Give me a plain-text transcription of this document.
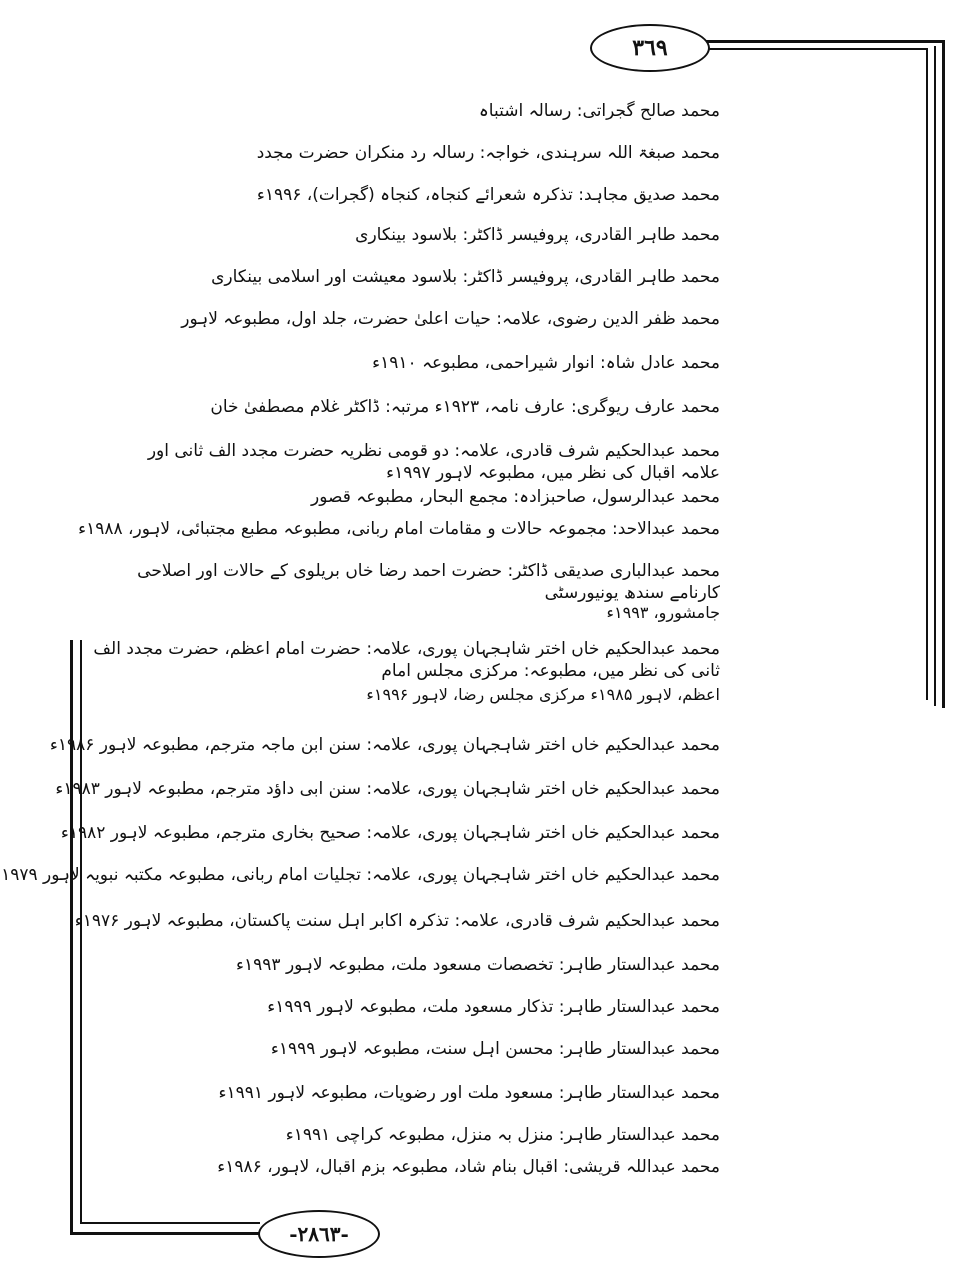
٣٦٩
محمد صالح گجراتی: رسالہ اشتباہ
محمد صبغۃ اللہ سرہندی، خواجہ: رسالہ رد منکران حضرت مجدد
محمد صدیق مجاہد: تذکرہ شعرائے کنجاہ، کنجاہ (گجرات)، ۱۹۹۶ء
محمد طاہر القادری، پروفیسر ڈاکٹر: بلاسود بینکاری
محمد طاہر القادری، پروفیسر ڈاکٹر: بلاسود معیشت اور اسلامی بینکاری
محمد ظفر الدین رضوی، علامہ: حیات اعلیٰ حضرت، جلد اول، مطبوعہ لاہور
محمد عادل شاہ: انوار شیراحمی، مطبوعہ ۱۹۱۰ء
محمد عارف ریوگری: عارف نامہ، ۱۹۲۳ء مرتبہ: ڈاکٹر غلام مصطفیٰ خان
محمد عبدالحکیم شرف قادری، علامہ: دو قومی نظریہ حضرت مجدد الف ثانی اور علامہ اقبال کی نظر میں، مطبوعہ لاہور ۱۹۹۷ء
محمد عبدالرسول، صاحبزادہ: مجمع البحار، مطبوعہ قصور
محمد عبدالاحد: مجموعہ حالات و مقامات امام ربانی، مطبوعہ مطبع مجتبائی، لاہور، ۱۹۸۸ء
محمد عبدالباری صدیقی ڈاکٹر: حضرت احمد رضا خاں بریلوی کے حالات اور اصلاحی کارنامے سندھ یونیورسٹی
جامشورو، ۱۹۹۳ء
محمد عبدالحکیم خاں اختر شاہجہان پوری، علامہ: حضرت امام اعظم، حضرت مجدد الف ثانی کی نظر میں، مطبوعہ: مرکزی مجلس امام
اعظم، لاہور ۱۹۸۵ء مرکزی مجلس رضا، لاہور ۱۹۹۶ء
محمد عبدالحکیم خاں اختر شاہجہان پوری، علامہ: سنن ابن ماجہ مترجم، مطبوعہ لاہور ۱۹۸۶ء
محمد عبدالحکیم خاں اختر شاہجہان پوری، علامہ: سنن ابی داؤد مترجم، مطبوعہ لاہور ۱۹۸۳ء
محمد عبدالحکیم خاں اختر شاہجہان پوری، علامہ: صحیح بخاری مترجم، مطبوعہ لاہور ۱۹۸۲ء
محمد عبدالحکیم خاں اختر شاہجہان پوری، علامہ: تجلیات امام ربانی، مطبوعہ مکتبہ نبویہ لاہور ۱۹۷۹
محمد عبدالحکیم شرف قادری، علامہ: تذکرہ اکابر اہل سنت پاکستان، مطبوعہ لاہور ۱۹۷۶ء
محمد عبدالستار طاہر: تخصصات مسعود ملت، مطبوعہ لاہور ۱۹۹۳ء
محمد عبدالستار طاہر: تذکار مسعود ملت، مطبوعہ لاہور ۱۹۹۹ء
محمد عبدالستار طاہر: محسن اہل سنت، مطبوعہ لاہور ۱۹۹۹ء
محمد عبدالستار طاہر: مسعود ملت اور رضویات، مطبوعہ لاہور ۱۹۹۱ء
محمد عبدالستار طاہر: منزل بہ منزل، مطبوعہ کراچی ۱۹۹۱ء
محمد عبداللہ قریشی: اقبال بنام شاد، مطبوعہ بزم اقبال، لاہور، ۱۹۸۶ء
-٢٨٦٣-
